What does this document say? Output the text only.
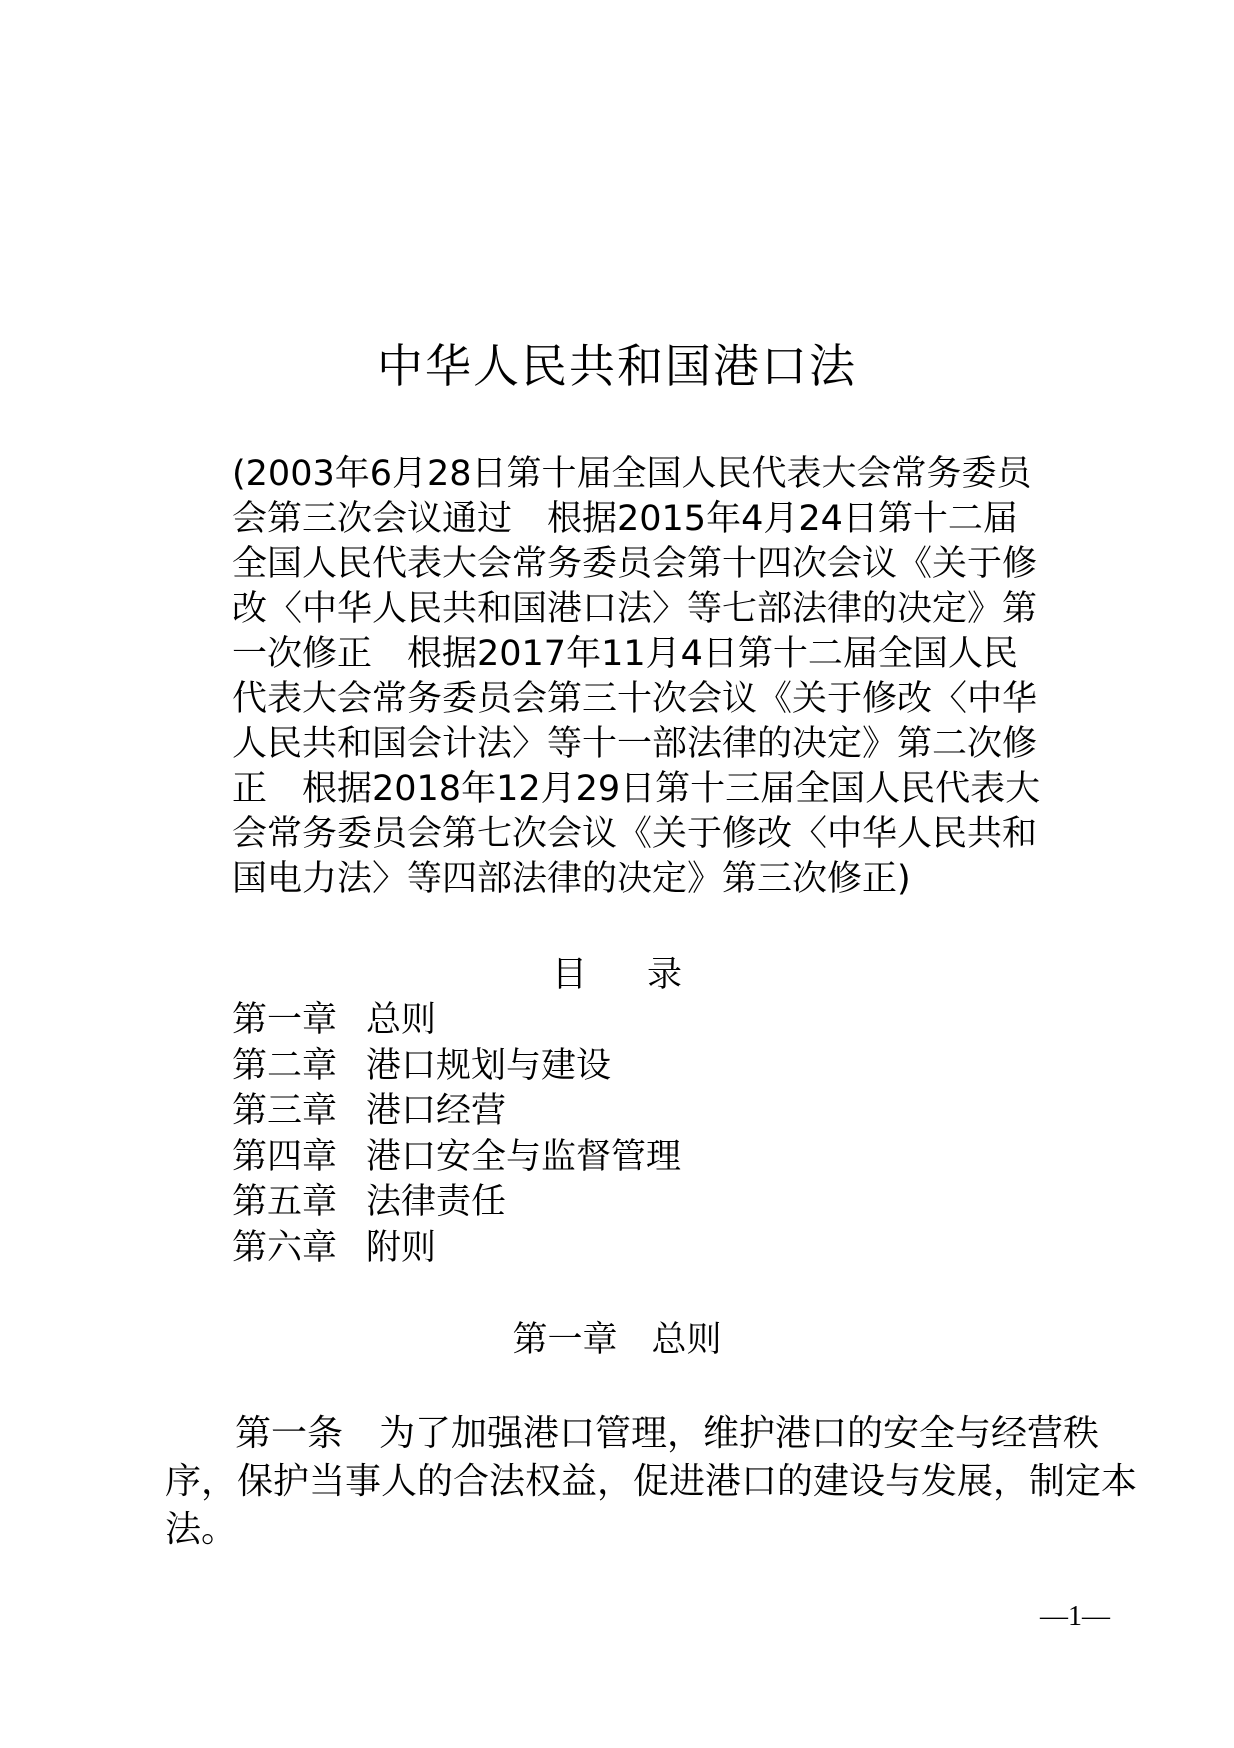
中华人民共和国港口法
(2003年6月28日第十届全国人民代表大会常务委员
会第三次会议通过　根据2015年4月24日第十二届
全国人民代表大会常务委员会第十四次会议《关于修
改〈中华人民共和国港口法〉等七部法律的决定》第
一次修正　根据2017年11月4日第十二届全国人民
代表大会常务委员会第三十次会议《关于修改〈中华
人民共和国会计法〉等十一部法律的决定》第二次修
正　根据2018年12月29日第十三届全国人民代表大
会常务委员会第七次会议《关于修改〈中华人民共和
国电力法〉等四部法律的决定》第三次修正)
目录
第一章 总则
第二章 港口规划与建设
第三章 港口经营
第四章 港口安全与监督管理
第五章 法律责任
第六章 附则
第一章 总则
第一条 为了加强港口管理，维护港口的安全与经营秩
序，保护当事人的合法权益，促进港口的建设与发展，制定本
法。
—1—
